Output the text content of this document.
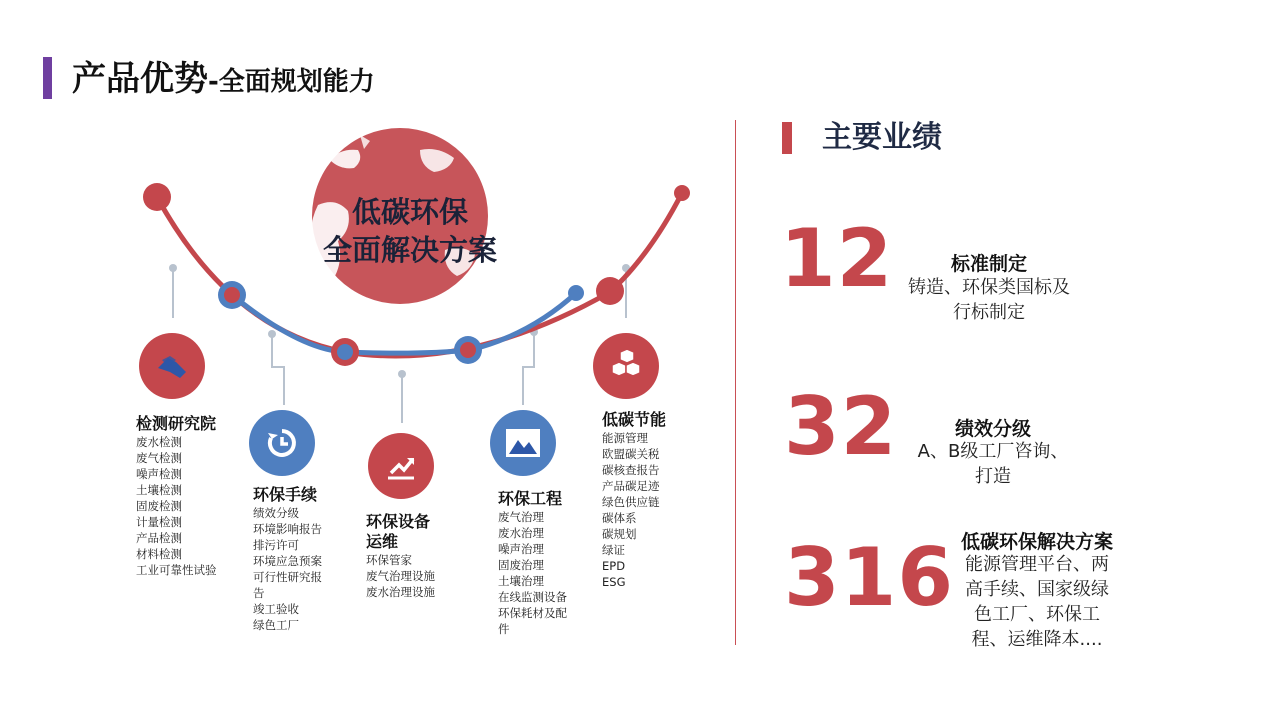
产品优势-全面规划能力
低碳环保
全面解决方案
检测研究院
废水检测
废气检测
噪声检测
土壤检测
固废检测
计量检测
产品检测
材料检测
工业可靠性试验
环保手续
绩效分级
环境影响报告
排污许可
环境应急预案
可行性研究报
告
竣工验收
绿色工厂
环保设备
运维
环保管家
废气治理设施
废水治理设施
环保工程
废气治理
废水治理
噪声治理
固废治理
土壤治理
在线监测设备
环保耗材及配
件
低碳节能
能源管理
欧盟碳关税
碳核查报告
产品碳足迹
绿色供应链
碳体系
碳规划
绿证
EPD
ESG
主要业绩
12	标准制定
铸造、环保类国标及
行标制定
32	绩效分级
A、B级工厂咨询、
打造
316 低碳环保解决方案
能源管理平台、两
高手续、国家级绿
色工厂、环保工
程、运维降本....
